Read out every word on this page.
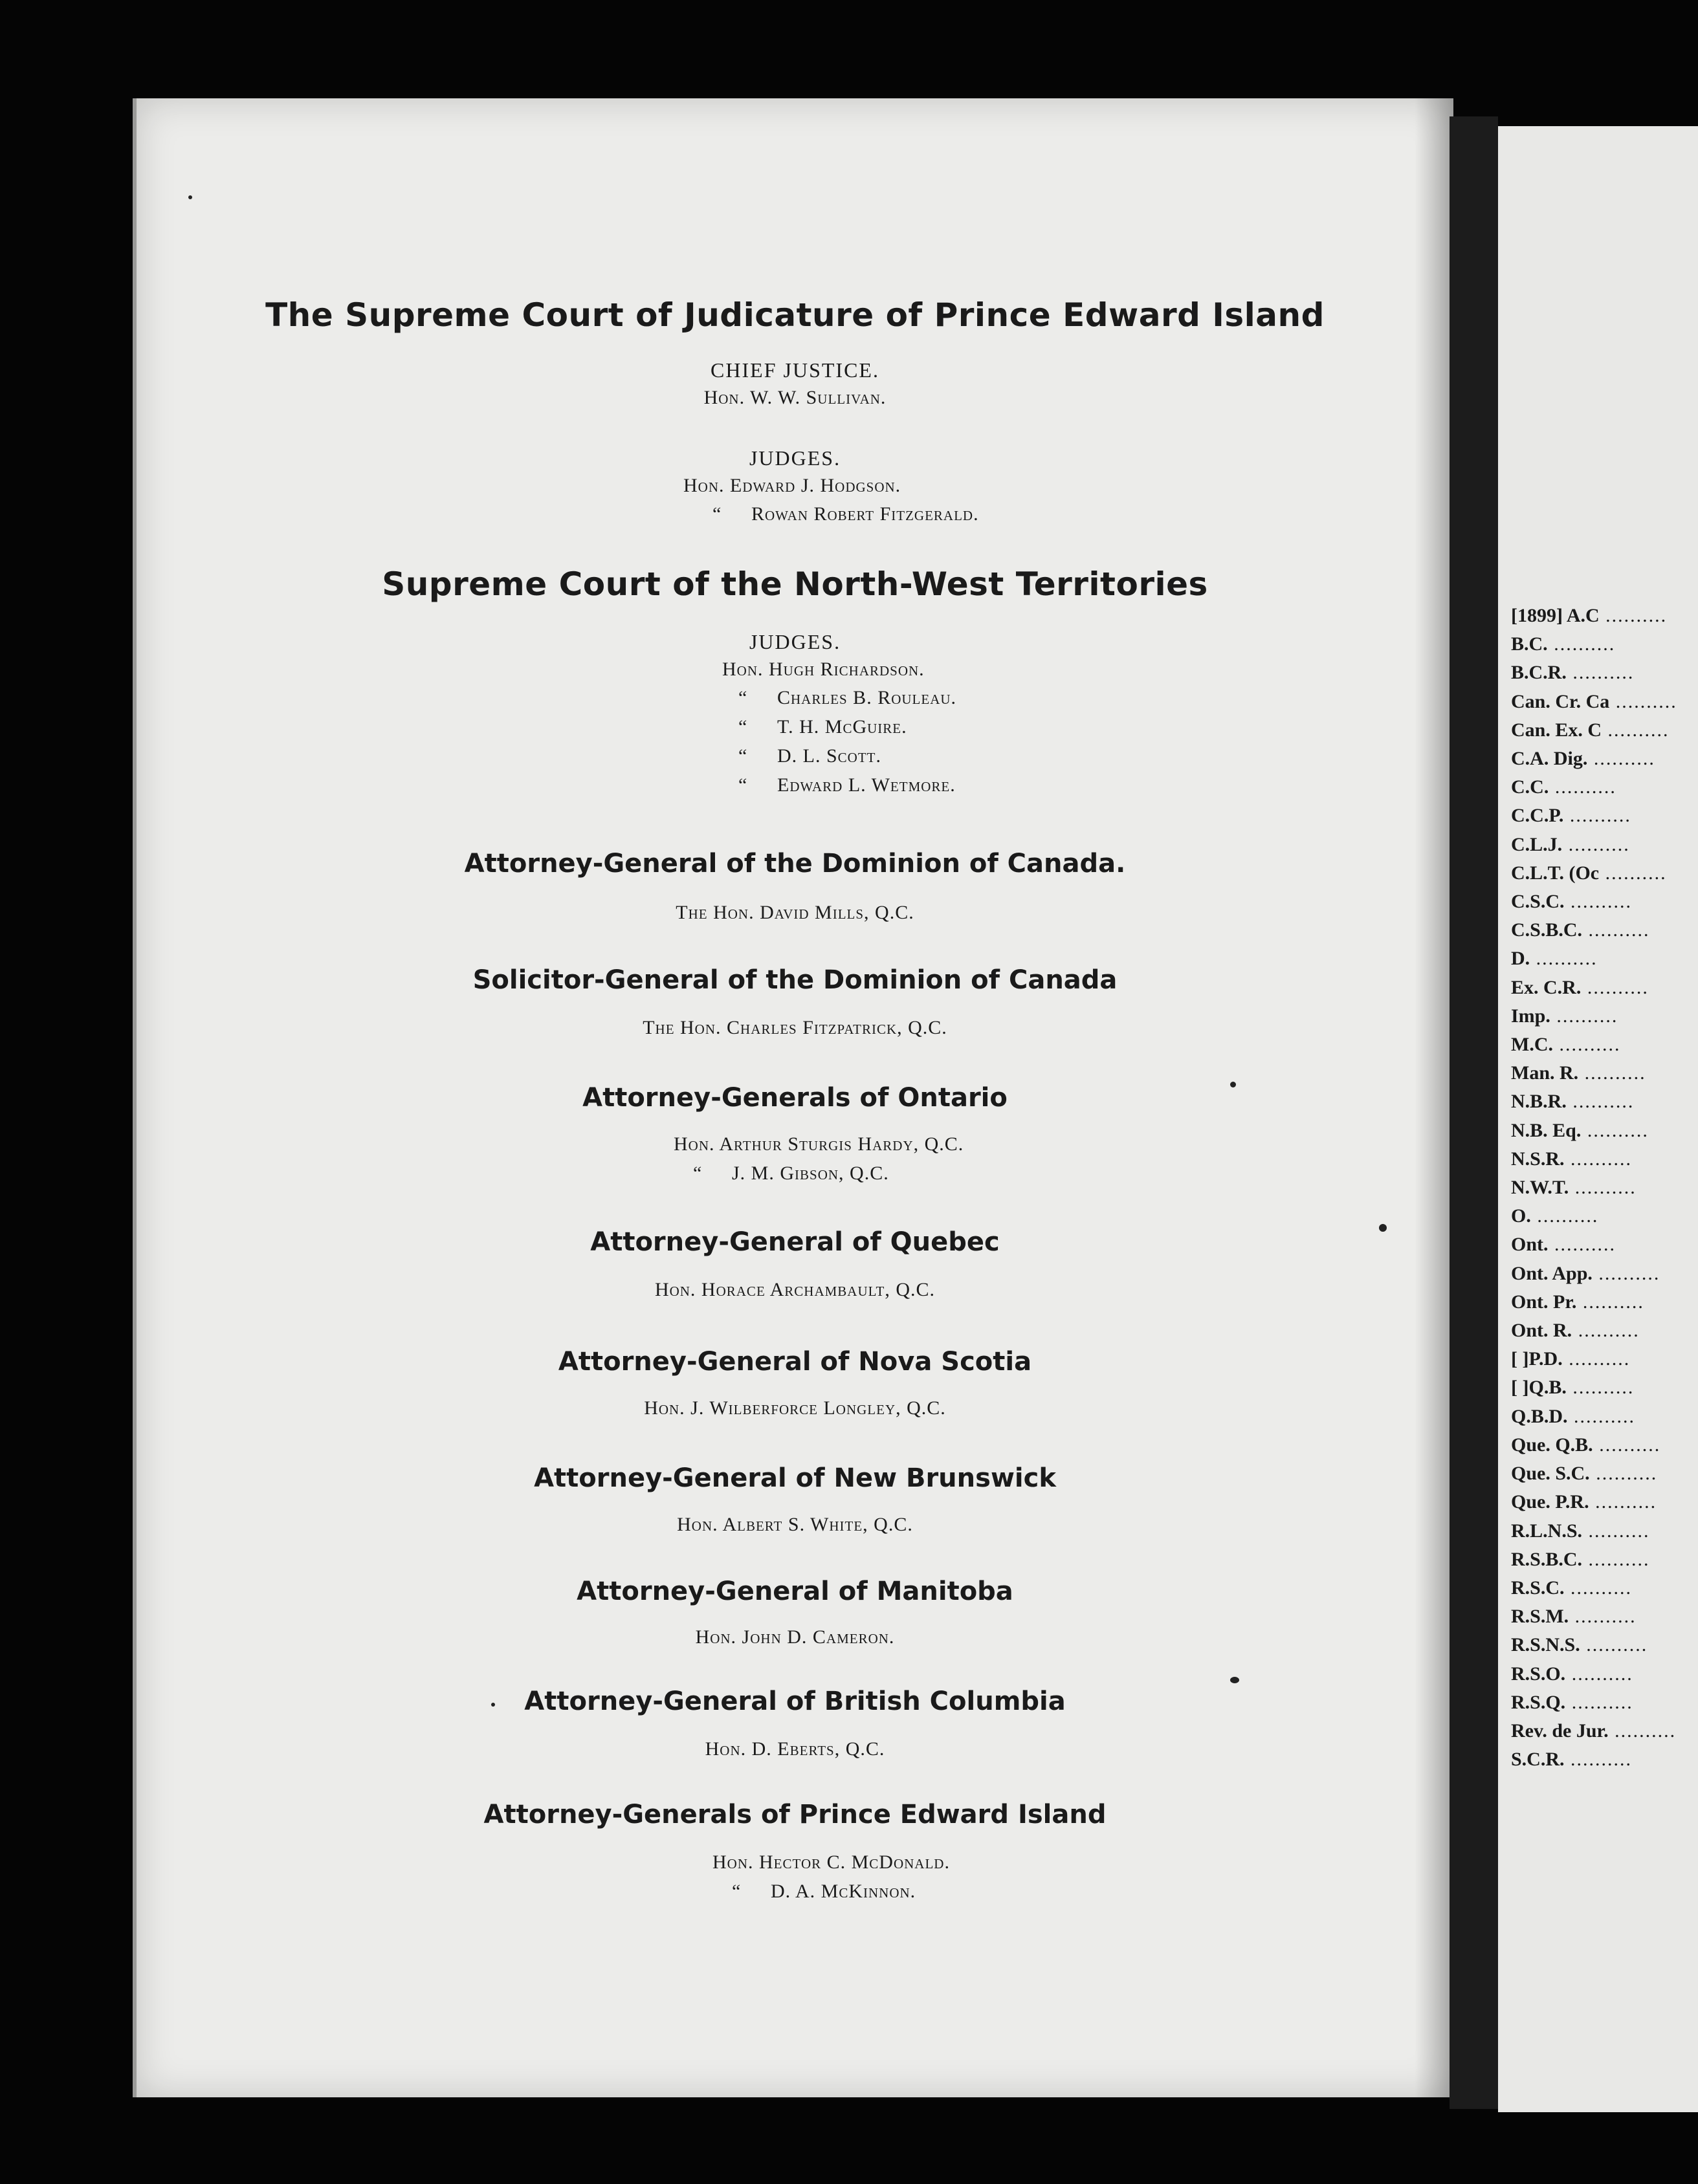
The Supreme Court of Judicature of Prince Edward Island
CHIEF JUSTICE.
Hon. W. W. Sullivan.
JUDGES.
Hon. Edward J. Hodgson.
“ Rowan Robert Fitzgerald.
Supreme Court of the North-West Territories
JUDGES.
Hon. Hugh Richardson.
“ Charles B. Rouleau.
“ T. H. McGuire.
“ D. L. Scott.
“ Edward L. Wetmore.
Attorney-General of the Dominion of Canada.
The Hon. David Mills, Q.C.
Solicitor-General of the Dominion of Canada
The Hon. Charles Fitzpatrick, Q.C.
Attorney-Generals of Ontario
Hon. Arthur Sturgis Hardy, Q.C.
“ J. M. Gibson, Q.C.
Attorney-General of Quebec
Hon. Horace Archambault, Q.C.
Attorney-General of Nova Scotia
Hon. J. Wilberforce Longley, Q.C.
Attorney-General of New Brunswick
Hon. Albert S. White, Q.C.
Attorney-General of Manitoba
Hon. John D. Cameron.
Attorney-General of British Columbia
Hon. D. Eberts, Q.C.
Attorney-Generals of Prince Edward Island
Hon. Hector C. McDonald.
“ D. A. McKinnon.
[1899] A.C ..........
B.C. ..........
B.C.R. ..........
Can. Cr. Ca ..........
Can. Ex. C ..........
C.A. Dig. ..........
C.C. ..........
C.C.P. ..........
C.L.J. ..........
C.L.T. (Oc ..........
C.S.C. ..........
C.S.B.C. ..........
D. ..........
Ex. C.R. ..........
Imp. ..........
M.C. ..........
Man. R. ..........
N.B.R. ..........
N.B. Eq. ..........
N.S.R. ..........
N.W.T. ..........
O. ..........
Ont. ..........
Ont. App. ..........
Ont. Pr. ..........
Ont. R. ..........
[ ]P.D. ..........
[ ]Q.B. ..........
Q.B.D. ..........
Que. Q.B. ..........
Que. S.C. ..........
Que. P.R. ..........
R.L.N.S. ..........
R.S.B.C. ..........
R.S.C. ..........
R.S.M. ..........
R.S.N.S. ..........
R.S.O. ..........
R.S.Q. ..........
Rev. de Jur. ..........
S.C.R. ..........
